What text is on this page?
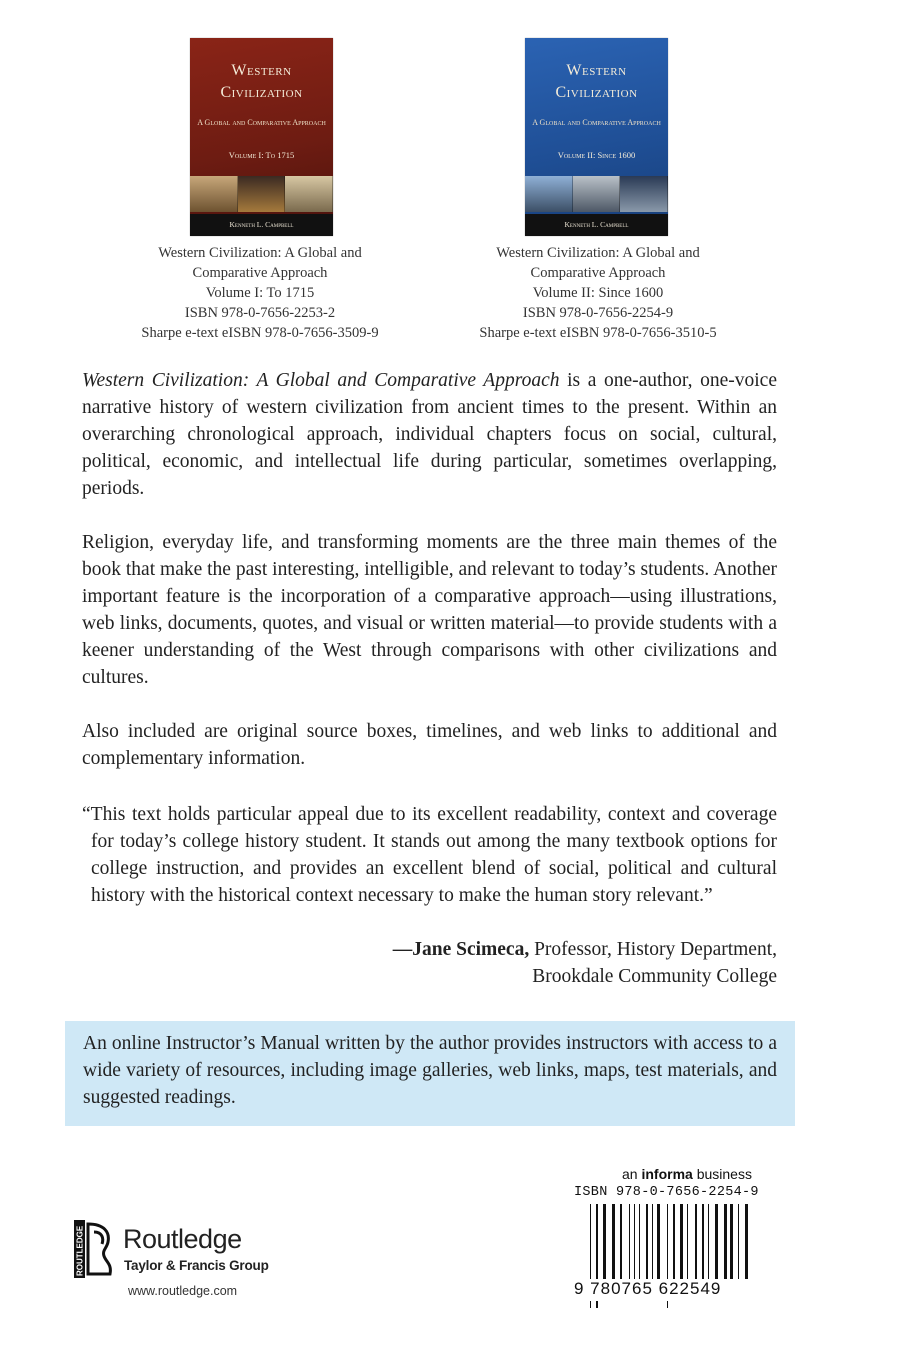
Western
Civilization
A Global and Comparative Approach
Volume I: To 1715
Kenneth L. Campbell
Western
Civilization
A Global and Comparative Approach
Volume II: Since 1600
Kenneth L. Campbell
Western Civilization: A Global and
Comparative Approach
Volume I: To 1715
ISBN 978-0-7656-2253-2
Sharpe e-text eISBN 978-0-7656-3509-9
Western Civilization: A Global and
Comparative Approach
Volume II: Since 1600
ISBN 978-0-7656-2254-9
Sharpe e-text eISBN 978-0-7656-3510-5

Western Civilization: A Global and Comparative Approach is a one-author, one-voice narrative history of western civilization from ancient times to the present. Within an overarching chronological approach, individual chapters focus on social, cultural, political, economic, and intellectual life during particular, sometimes overlapping, periods.

Religion, everyday life, and transforming moments are the three main themes of the book that make the past interesting, intelligible, and relevant to today’s students. Another important feature is the incorporation of a comparative approach—using illustrations, web links, documents, quotes, and visual or written material—to provide students with a keener understanding of the West through comparisons with other civilizations and cultures.

Also included are original source boxes, timelines, and web links to additional and complementary information.

“This text holds particular appeal due to its excellent readability, context and coverage for today’s college history student. It stands out among the many textbook options for college instruction, and provides an excellent blend of social, political and cultural history with the historical context necessary to make the human story relevant.”
—Jane Scimeca, Professor, History Department,
Brookdale Community College
An online Instructor’s Manual written by the author provides instructors with access to a wide variety of resources, including image galleries, web links, maps, test materials, and suggested readings.
ROUTLEDGE Routledge
Taylor & Francis Group
www.routledge.com
an informa business
ISBN 978-0-7656-2254-9
9 780765 622549
